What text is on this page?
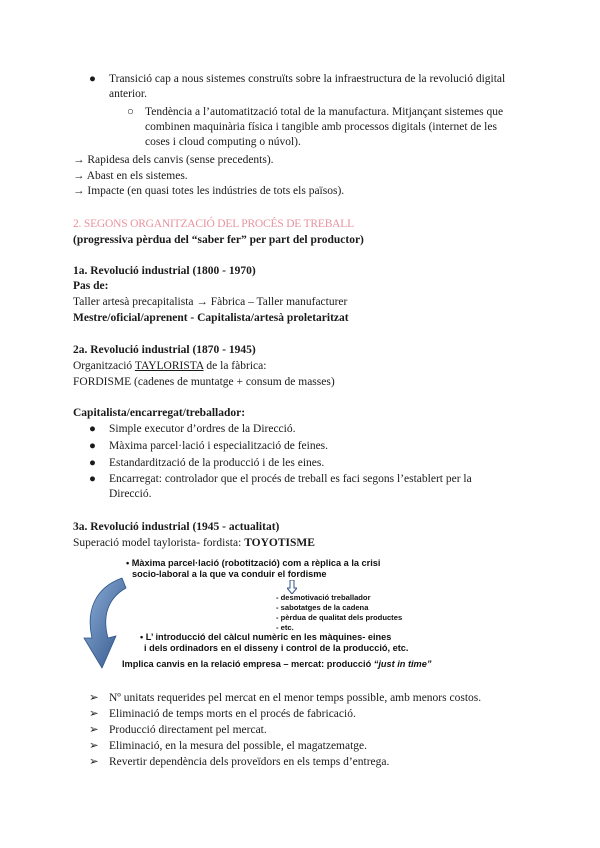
● Transició cap a nous sistemes construïts sobre la infraestructura de la revolució digital
anterior.
○ Tendència a l’automatització total de la manufactura. Mitjançant sistemes que
combinen maquinària física i tangible amb processos digitals (internet de les
coses i cloud computing o núvol).
→ Rapidesa dels canvis (sense precedents).
→ Abast en els sistemes.
→ Impacte (en quasi totes les indústries de tots els països).
2. SEGONS ORGANITZACIÓ DEL PROCÉS DE TREBALL
(progressiva pèrdua del “saber fer” per part del productor)
1a. Revolució industrial (1800 - 1970)
Pas de:
Taller artesà precapitalista → Fàbrica – Taller manufacturer
Mestre/oficial/aprenent - Capitalista/artesà proletaritzat
2a. Revolució industrial (1870 - 1945)
Organització TAYLORISTA de la fàbrica:
FORDISME (cadenes de muntatge + consum de masses)
Capitalista/encarregat/treballador:
● Simple executor d’ordres de la Direcció.
● Màxima parcel·lació i especialització de feines.
● Estandardització de la producció i de les eines.
● Encarregat: controlador que el procés de treball es faci segons l’establert per la
Direcció.
3a. Revolució industrial (1945 - actualitat)
Superació model taylorista- fordista: TOYOTISME
• Màxima parcel·lació (robotització) com a rèplica a la crisi
socio-laboral a la que va conduir el fordisme
- desmotivació treballador
- sabotatges de la cadena
- pèrdua de qualitat dels productes
- etc.
• L’ introducció del càlcul numèric en les màquines- eines
i dels ordinadors en el disseny i control de la producció, etc.
Implica canvis en la relació empresa – mercat: producció “just in time”
➢ Nº unitats requerides pel mercat en el menor temps possible, amb menors costos.
➢ Eliminació de temps morts en el procés de fabricació.
➢ Producció directament pel mercat.
➢ Eliminació, en la mesura del possible, el magatzematge.
➢ Revertir dependència dels proveïdors en els temps d’entrega.
